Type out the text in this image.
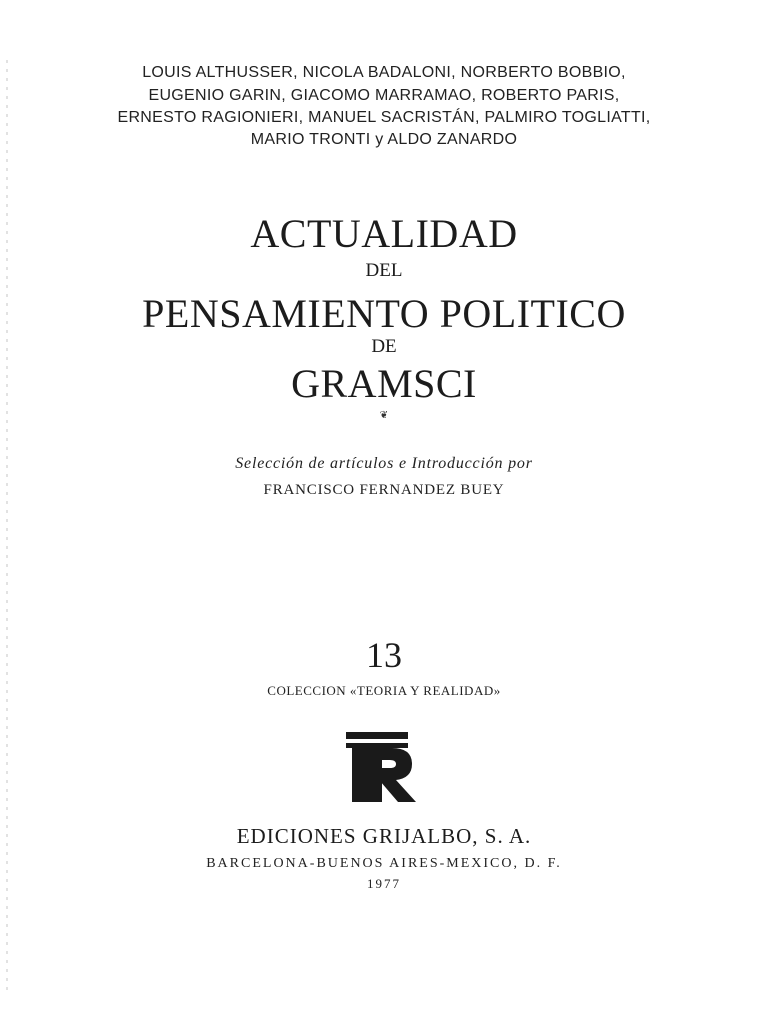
LOUIS ALTHUSSER, NICOLA BADALONI, NORBERTO BOBBIO,
EUGENIO GARIN, GIACOMO MARRAMAO, ROBERTO PARIS,
ERNESTO RAGIONIERI, MANUEL SACRISTÁN, PALMIRO TOGLIATTI,
MARIO TRONTI y ALDO ZANARDO
ACTUALIDAD
DEL
PENSAMIENTO POLITICO
DE
GRAMSCI
❦
Selección de artículos e Introducción por
FRANCISCO FERNANDEZ BUEY
13
COLECCION «TEORIA Y REALIDAD»
EDICIONES GRIJALBO, S. A.
BARCELONA-BUENOS AIRES-MEXICO, D. F.
1977
